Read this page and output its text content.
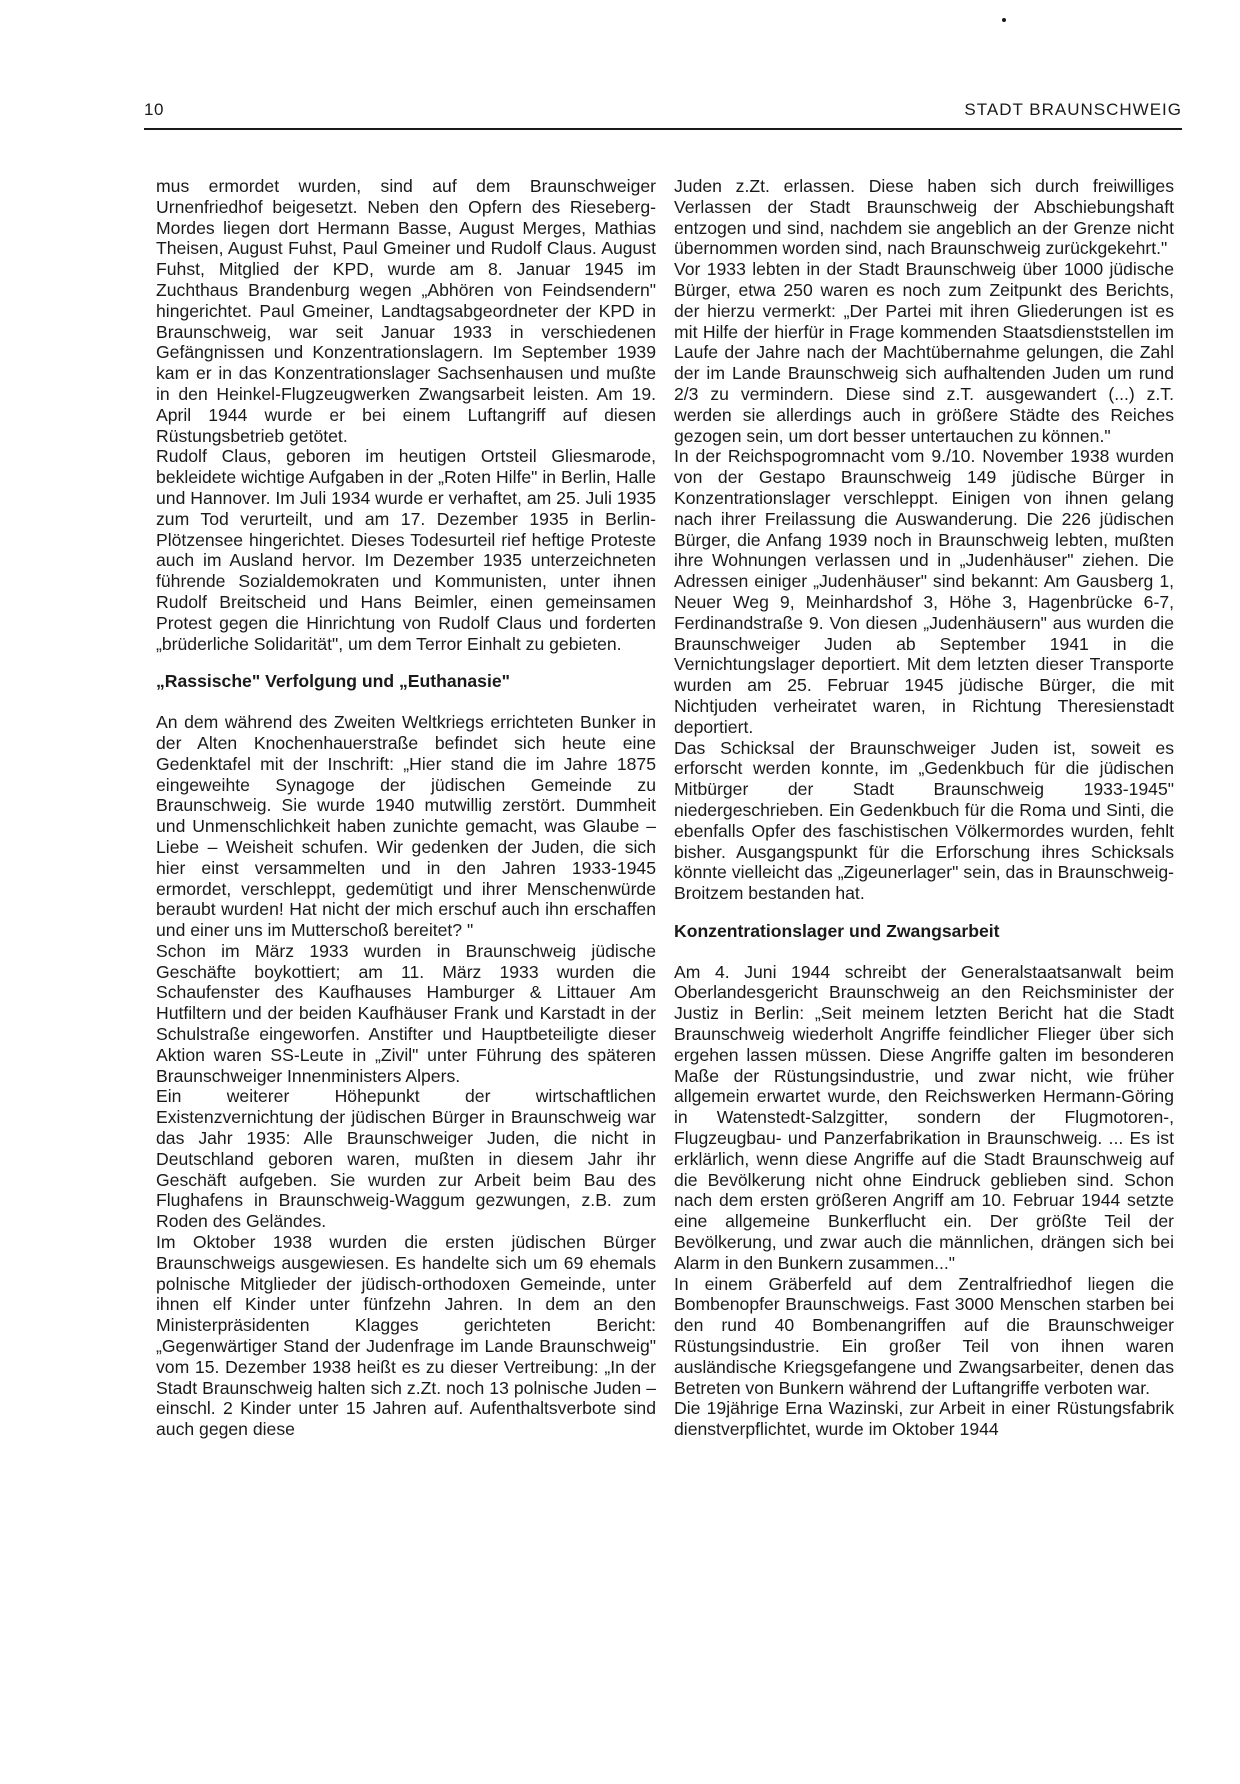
10	STADT BRAUNSCHWEIG

mus ermordet wurden, sind auf dem Braunschweiger Urnenfriedhof beigesetzt. Neben den Opfern des Rieseberg-Mordes liegen dort Hermann Basse, August Merges, Mathias Theisen, August Fuhst, Paul Gmeiner und Rudolf Claus. August Fuhst, Mitglied der KPD, wurde am 8. Januar 1945 im Zuchthaus Brandenburg wegen „Abhören von Feindsendern" hingerichtet. Paul Gmeiner, Landtagsabgeordneter der KPD in Braunschweig, war seit Januar 1933 in verschiedenen Gefängnissen und Konzentrationslagern. Im September 1939 kam er in das Konzentrationslager Sachsenhausen und mußte in den Heinkel-Flugzeugwerken Zwangsarbeit leisten. Am 19. April 1944 wurde er bei einem Luftangriff auf diesen Rüstungsbetrieb getötet.

Rudolf Claus, geboren im heutigen Ortsteil Gliesmarode, bekleidete wichtige Aufgaben in der „Roten Hilfe" in Berlin, Halle und Hannover. Im Juli 1934 wurde er verhaftet, am 25. Juli 1935 zum Tod verurteilt, und am 17. Dezember 1935 in Berlin-Plötzensee hingerichtet. Dieses Todesurteil rief heftige Proteste auch im Ausland hervor. Im Dezember 1935 unterzeichneten führende Sozialdemokraten und Kommunisten, unter ihnen Rudolf Breitscheid und Hans Beimler, einen gemeinsamen Protest gegen die Hinrichtung von Rudolf Claus und forderten „brüderliche Solidarität", um dem Terror Einhalt zu gebieten.

„Rassische" Verfolgung und „Euthanasie"

An dem während des Zweiten Weltkriegs errichteten Bunker in der Alten Knochenhauerstraße befindet sich heute eine Gedenktafel mit der Inschrift: „Hier stand die im Jahre 1875 eingeweihte Synagoge der jüdischen Gemeinde zu Braunschweig. Sie wurde 1940 mutwillig zerstört. Dummheit und Unmenschlichkeit haben zunichte gemacht, was Glaube – Liebe – Weisheit schufen. Wir gedenken der Juden, die sich hier einst versammelten und in den Jahren 1933-1945 ermordet, verschleppt, gedemütigt und ihrer Menschenwürde beraubt wurden! Hat nicht der mich erschuf auch ihn erschaffen und einer uns im Mutterschoß bereitet? "

Schon im März 1933 wurden in Braunschweig jüdische Geschäfte boykottiert; am 11. März 1933 wurden die Schaufenster des Kaufhauses Hamburger & Littauer Am Hutfiltern und der beiden Kaufhäuser Frank und Karstadt in der Schulstraße eingeworfen. Anstifter und Hauptbeteiligte dieser Aktion waren SS-Leute in „Zivil" unter Führung des späteren Braunschweiger Innenministers Alpers.

Ein weiterer Höhepunkt der wirtschaftlichen Existenzvernichtung der jüdischen Bürger in Braunschweig war das Jahr 1935: Alle Braunschweiger Juden, die nicht in Deutschland geboren waren, mußten in diesem Jahr ihr Geschäft aufgeben. Sie wurden zur Arbeit beim Bau des Flughafens in Braunschweig-Waggum gezwungen, z.B. zum Roden des Geländes.

Im Oktober 1938 wurden die ersten jüdischen Bürger Braunschweigs ausgewiesen. Es handelte sich um 69 ehemals polnische Mitglieder der jüdisch-orthodoxen Gemeinde, unter ihnen elf Kinder unter fünfzehn Jahren. In dem an den Ministerpräsidenten Klagges gerichteten Bericht: „Gegenwärtiger Stand der Judenfrage im Lande Braunschweig" vom 15. Dezember 1938 heißt es zu dieser Vertreibung: „In der Stadt Braunschweig halten sich z.Zt. noch 13 polnische Juden – einschl. 2 Kinder unter 15 Jahren auf. Aufenthaltsverbote sind auch gegen diese

Juden z.Zt. erlassen. Diese haben sich durch freiwilliges Verlassen der Stadt Braunschweig der Abschiebungshaft entzogen und sind, nachdem sie angeblich an der Grenze nicht übernommen worden sind, nach Braunschweig zurückgekehrt."

Vor 1933 lebten in der Stadt Braunschweig über 1000 jüdische Bürger, etwa 250 waren es noch zum Zeitpunkt des Berichts, der hierzu vermerkt: „Der Partei mit ihren Gliederungen ist es mit Hilfe der hierfür in Frage kommenden Staatsdienststellen im Laufe der Jahre nach der Machtübernahme gelungen, die Zahl der im Lande Braunschweig sich aufhaltenden Juden um rund 2/3 zu vermindern. Diese sind z.T. ausgewandert (...) z.T. werden sie allerdings auch in größere Städte des Reiches gezogen sein, um dort besser untertauchen zu können."

In der Reichspogromnacht vom 9./10. November 1938 wurden von der Gestapo Braunschweig 149 jüdische Bürger in Konzentrationslager verschleppt. Einigen von ihnen gelang nach ihrer Freilassung die Auswanderung. Die 226 jüdischen Bürger, die Anfang 1939 noch in Braunschweig lebten, mußten ihre Wohnungen verlassen und in „Judenhäuser" ziehen. Die Adressen einiger „Judenhäuser" sind bekannt: Am Gausberg 1, Neuer Weg 9, Meinhardshof 3, Höhe 3, Hagenbrücke 6-7, Ferdinandstraße 9. Von diesen „Judenhäusern" aus wurden die Braunschweiger Juden ab September 1941 in die Vernichtungslager deportiert. Mit dem letzten dieser Transporte wurden am 25. Februar 1945 jüdische Bürger, die mit Nichtjuden verheiratet waren, in Richtung Theresienstadt deportiert.

Das Schicksal der Braunschweiger Juden ist, soweit es erforscht werden konnte, im „Gedenkbuch für die jüdischen Mitbürger der Stadt Braunschweig 1933-1945" niedergeschrieben. Ein Gedenkbuch für die Roma und Sinti, die ebenfalls Opfer des faschistischen Völkermordes wurden, fehlt bisher. Ausgangspunkt für die Erforschung ihres Schicksals könnte vielleicht das „Zigeunerlager" sein, das in Braunschweig-Broitzem bestanden hat.

Konzentrationslager und Zwangsarbeit

Am 4. Juni 1944 schreibt der Generalstaatsanwalt beim Oberlandesgericht Braunschweig an den Reichsminister der Justiz in Berlin: „Seit meinem letzten Bericht hat die Stadt Braunschweig wiederholt Angriffe feindlicher Flieger über sich ergehen lassen müssen. Diese Angriffe galten im besonderen Maße der Rüstungsindustrie, und zwar nicht, wie früher allgemein erwartet wurde, den Reichswerken Hermann-Göring in Watenstedt-Salzgitter, sondern der Flugmotoren-, Flugzeugbau- und Panzerfabrikation in Braunschweig. ... Es ist erklärlich, wenn diese Angriffe auf die Stadt Braunschweig auf die Bevölkerung nicht ohne Eindruck geblieben sind. Schon nach dem ersten größeren Angriff am 10. Februar 1944 setzte eine allgemeine Bunkerflucht ein. Der größte Teil der Bevölkerung, und zwar auch die männlichen, drängen sich bei Alarm in den Bunkern zusammen..."

In einem Gräberfeld auf dem Zentralfriedhof liegen die Bombenopfer Braunschweigs. Fast 3000 Menschen starben bei den rund 40 Bombenangriffen auf die Braunschweiger Rüstungsindustrie. Ein großer Teil von ihnen waren ausländische Kriegsgefangene und Zwangsarbeiter, denen das Betreten von Bunkern während der Luftangriffe verboten war.

Die 19jährige Erna Wazinski, zur Arbeit in einer Rüstungsfabrik dienstverpflichtet, wurde im Oktober 1944
